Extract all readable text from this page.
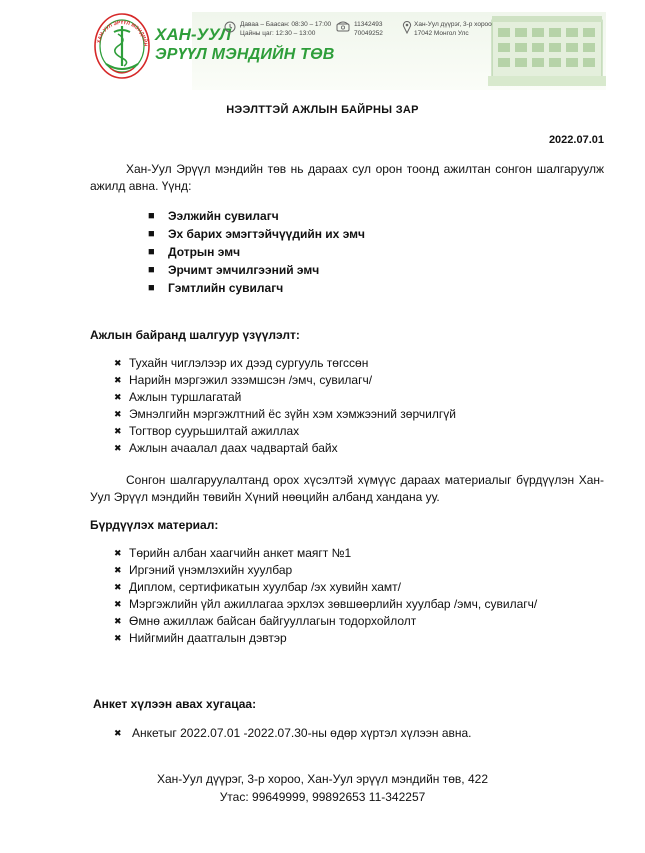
ХАН-УУЛ ЭРҮҮЛ МЭНДИЙН
ХАН-УУЛ
ЭРҮҮЛ МЭНДИЙН ТӨВ
Даваа – Баасан: 08:30 – 17:00
Цайны цаг: 12:30 – 13:00
11342493
70049252
Хан-Уул дүүрэг, 3-р хороо
17042 Монгол Улс
НЭЭЛТТЭЙ АЖЛЫН БАЙРНЫ ЗАР
2022.07.01
Хан-Уул Эрүүл мэндийн төв нь дараах сул орон тоонд ажилтан сонгон шалгаруулж ажилд авна. Үүнд:
■ Ээлжийн сувилагч
■ Эх барих эмэгтэйчүүдийн их эмч
■ Дотрын эмч
■ Эрчимт эмчилгээний эмч
■ Гэмтлийн сувилагч
Ажлын байранд шалгуур үзүүлэлт:
✖ Тухайн чиглэлээр их дээд сургууль төгссөн
✖ Нарийн мэргэжил эзэмшсэн /эмч, сувилагч/
✖ Ажлын туршлагатай
✖ Эмнэлгийн мэргэжлтний ёс зүйн хэм хэмжээний зөрчилгүй
✖ Тогтвор суурьшилтай ажиллах
✖ Ажлын ачаалал даах чадвартай байх
Сонгон шалгаруулалтанд орох хүсэлтэй хүмүүс дараах материалыг бүрдүүлэн Хан-Уул Эрүүл мэндийн төвийн Хүний нөөцийн албанд хандана уу.
Бүрдүүлэх материал:
✖ Төрийн албан хаагчийн анкет маягт №1
✖ Иргэний үнэмлэхийн хуулбар
✖ Диплом, сертификатын хуулбар /эх хувийн хамт/
✖ Мэргэжлийн үйл ажиллагаа эрхлэх зөвшөөрлийн хуулбар /эмч, сувилагч/
✖ Өмнө ажиллаж байсан байгууллагын тодорхойлолт
✖ Нийгмийн даатгалын дэвтэр
Анкет хүлээн авах хугацаа:
✖ Анкетыг 2022.07.01 -2022.07.30-ны өдөр хүртэл хүлээн авна.
Хан-Уул дүүрэг, 3-р хороо, Хан-Уул эрүүл мэндийн төв, 422
Утас: 99649999, 99892653 11-342257
